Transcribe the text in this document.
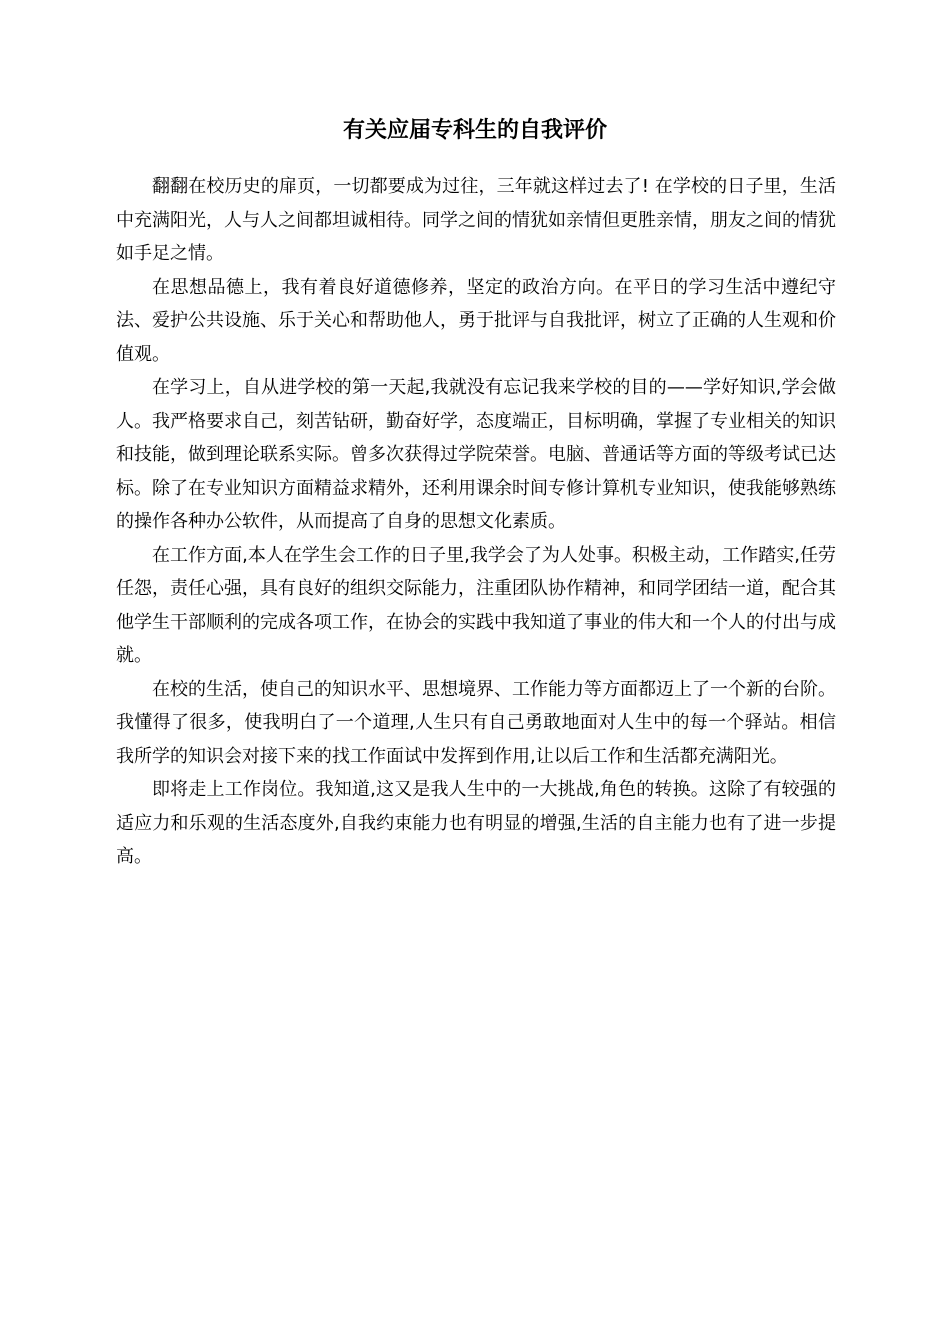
有关应届专科生的自我评价

翻翻在校历史的扉页，一切都要成为过往，三年就这样过去了! 在学校的日子里，生活中充满阳光，人与人之间都坦诚相待。同学之间的情犹如亲情但更胜亲情，朋友之间的情犹如手足之情。

在思想品德上，我有着良好道德修养，坚定的政治方向。在平日的学习生活中遵纪守法、爱护公共设施、乐于关心和帮助他人，勇于批评与自我批评，树立了正确的人生观和价值观。

在学习上，自从进学校的第一天起,我就没有忘记我来学校的目的——学好知识,学会做人。我严格要求自己，刻苦钻研，勤奋好学，态度端正，目标明确，掌握了专业相关的知识和技能，做到理论联系实际。曾多次获得过学院荣誉。电脑、普通话等方面的等级考试已达标。除了在专业知识方面精益求精外，还利用课余时间专修计算机专业知识，使我能够熟练的操作各种办公软件，从而提高了自身的思想文化素质。

在工作方面,本人在学生会工作的日子里,我学会了为人处事。积极主动，工作踏实,任劳任怨，责任心强，具有良好的组织交际能力，注重团队协作精神，和同学团结一道，配合其他学生干部顺利的完成各项工作，在协会的实践中我知道了事业的伟大和一个人的付出与成就。

在校的生活，使自己的知识水平、思想境界、工作能力等方面都迈上了一个新的台阶。我懂得了很多，使我明白了一个道理,人生只有自己勇敢地面对人生中的每一个驿站。相信我所学的知识会对接下来的找工作面试中发挥到作用,让以后工作和生活都充满阳光。

即将走上工作岗位。我知道,这又是我人生中的一大挑战,角色的转换。这除了有较强的适应力和乐观的生活态度外,自我约束能力也有明显的增强,生活的自主能力也有了进一步提高。
